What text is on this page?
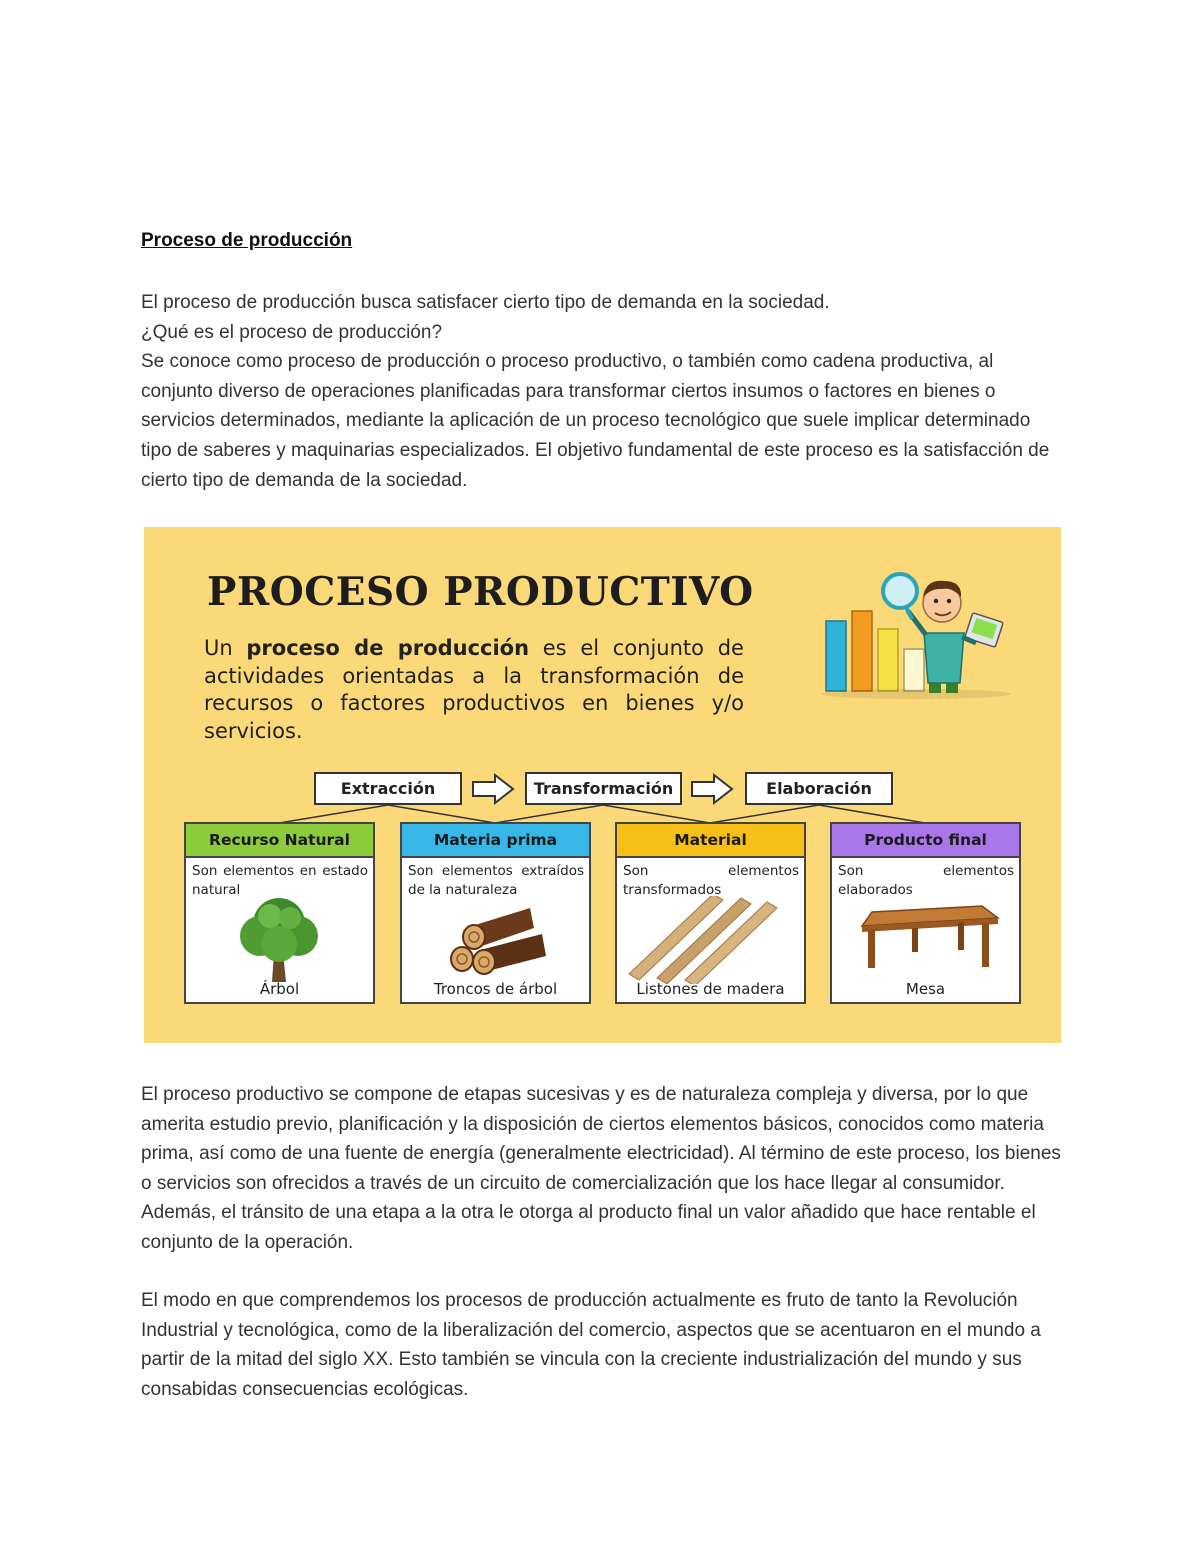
Proceso de producción

El proceso de producción busca satisfacer cierto tipo de demanda en la sociedad.

¿Qué es el proceso de producción?

Se conoce como proceso de producción o proceso productivo, o también como cadena productiva, al conjunto diverso de operaciones planificadas para transformar ciertos insumos o factores en bienes o servicios determinados, mediante la aplicación de un proceso tecnológico que suele implicar determinado tipo de saberes y maquinarias especializados. El objetivo fundamental de este proceso es la satisfacción de cierto tipo de demanda de la sociedad.

PROCESO PRODUCTIVO

Un proceso de producción es el conjunto de actividades orientadas a la transformación de recursos o factores productivos en bienes y/o servicios.

Extracción	Transformación	Elaboración
Recurso Natural

Son elementos en estado natural

Árbol
Materia prima

Son elementos extraídos de la naturaleza

Troncos de árbol
Material

Son elementos transformados

Listones de madera
Producto final

Son elementos elaborados

Mesa
El proceso productivo se compone de etapas sucesivas y es de naturaleza compleja y diversa, por lo que amerita estudio previo, planificación y la disposición de ciertos elementos básicos, conocidos como materia prima, así como de una fuente de energía (generalmente electricidad). Al término de este proceso, los bienes o servicios son ofrecidos a través de un circuito de comercialización que los hace llegar al consumidor. Además, el tránsito de una etapa a la otra le otorga al producto final un valor añadido que hace rentable el conjunto de la operación.
El modo en que comprendemos los procesos de producción actualmente es fruto de tanto la Revolución Industrial y tecnológica, como de la liberalización del comercio, aspectos que se acentuaron en el mundo a partir de la mitad del siglo XX. Esto también se vincula con la creciente industrialización del mundo y sus consabidas consecuencias ecológicas.
